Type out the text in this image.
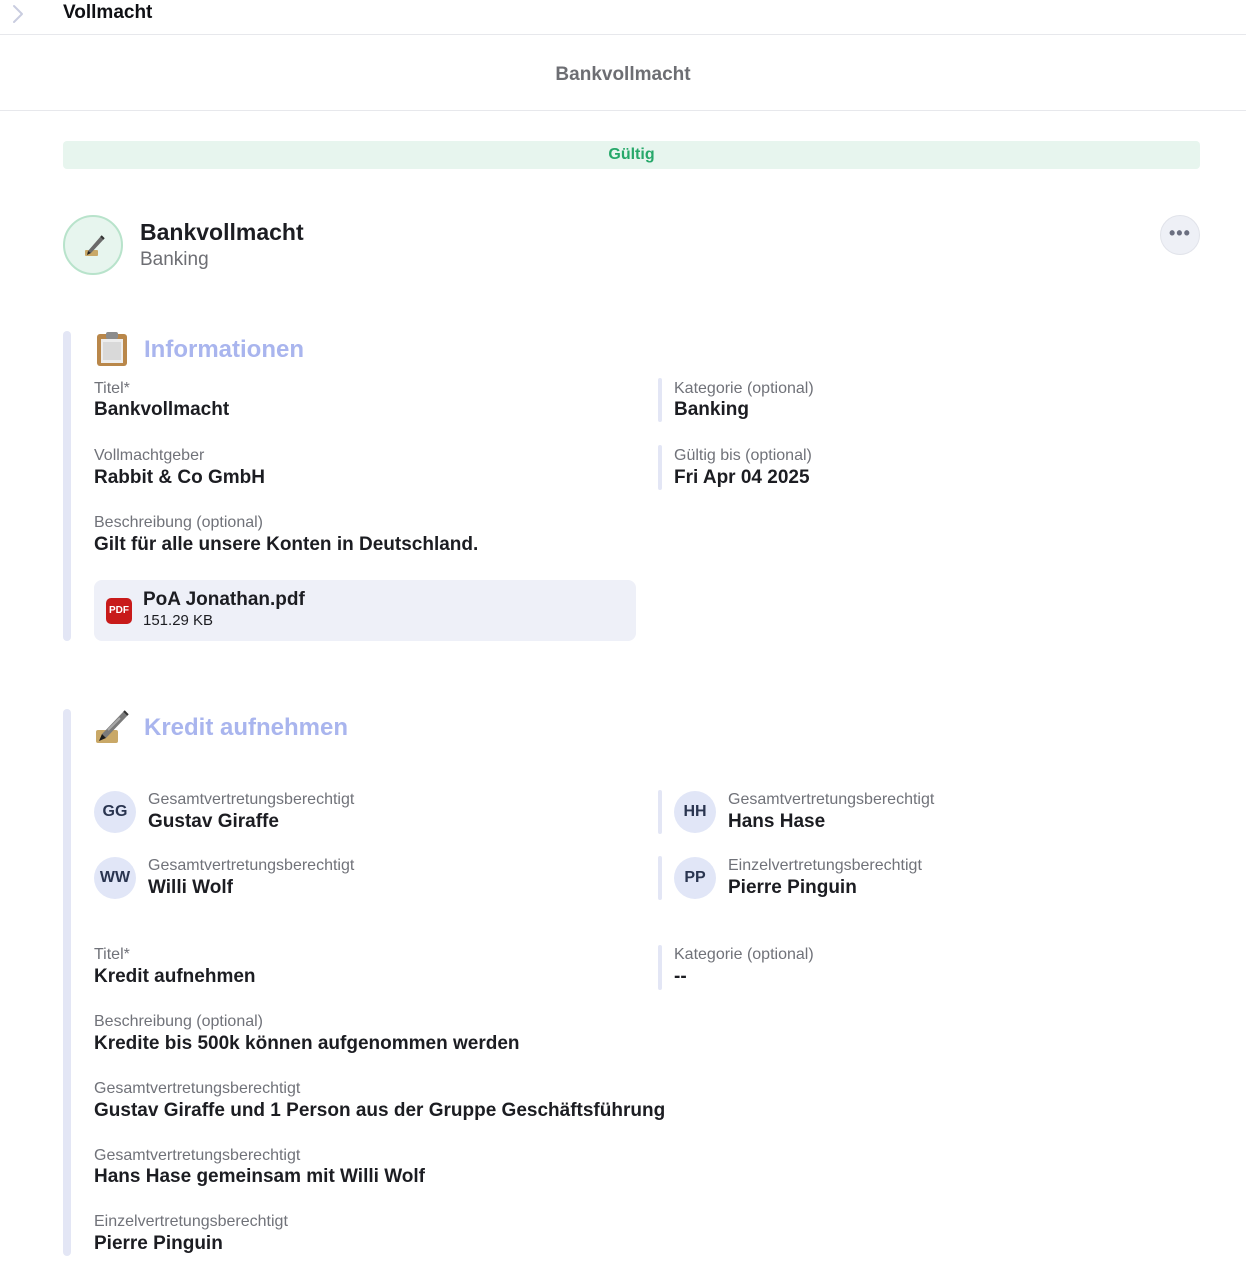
Vollmacht
Bankvollmacht
Gültig
Bankvollmacht
Banking
•••
Informationen
Titel*
Bankvollmacht
Kategorie (optional)
Banking
Vollmachtgeber
Rabbit & Co GmbH
Gültig bis (optional)
Fri Apr 04 2025
Beschreibung (optional)
Gilt für alle unsere Konten in Deutschland.
PDF
PoA Jonathan.pdf
151.29 KB
Kredit aufnehmen
GG
Gesamtvertretungsberechtigt
Gustav Giraffe	HH
Gesamtvertretungsberechtigt
Hans Hase
WW
Gesamtvertretungsberechtigt
Willi Wolf	PP
Einzelvertretungsberechtigt
Pierre Pinguin
Titel*
Kredit aufnehmen
Kategorie (optional)
--
Beschreibung (optional)
Kredite bis 500k können aufgenommen werden
Gesamtvertretungsberechtigt
Gustav Giraffe und 1 Person aus der Gruppe Geschäftsführung
Gesamtvertretungsberechtigt
Hans Hase gemeinsam mit Willi Wolf
Einzelvertretungsberechtigt
Pierre Pinguin
